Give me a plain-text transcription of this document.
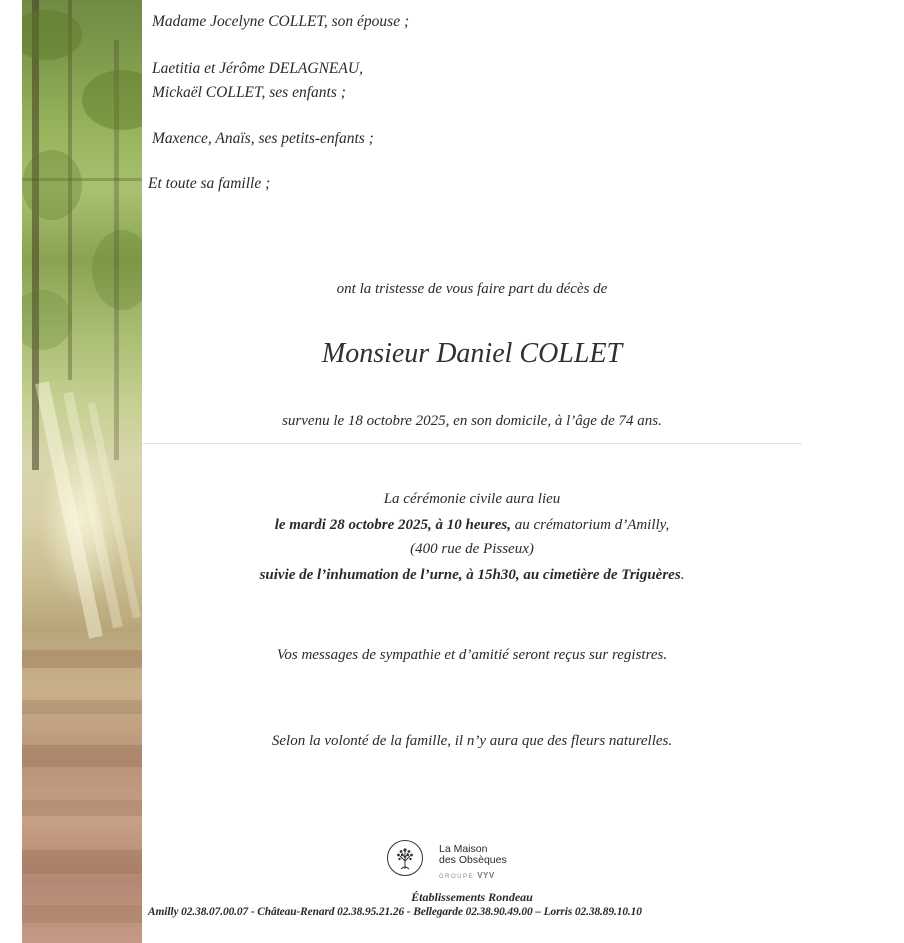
Madame Jocelyne COLLET, son épouse ;
Laetitia et Jérôme DELAGNEAU,
Mickaël COLLET, ses enfants ;
Maxence, Anaïs, ses petits-enfants ;
Et toute sa famille ;
ont la tristesse de vous faire part du décès de
Monsieur Daniel COLLET
survenu le 18 octobre 2025, en son domicile, à l’âge de 74 ans.
La cérémonie civile aura lieu
le mardi 28 octobre 2025, à 10 heures, au crématorium d’Amilly,
(400 rue de Pisseux)
suivie de l’inhumation de l’urne, à 15h30, au cimetière de Triguères.
Vos messages de sympathie et d’amitié seront reçus sur registres.
Selon la volonté de la famille, il n’y aura que des fleurs naturelles.
La Maison
des Obsèques
GROUPE VYV
Établissements Rondeau
Amilly 02.38.07.00.07 - Château-Renard 02.38.95.21.26 - Bellegarde 02.38.90.49.00 – Lorris 02.38.89.10.10
